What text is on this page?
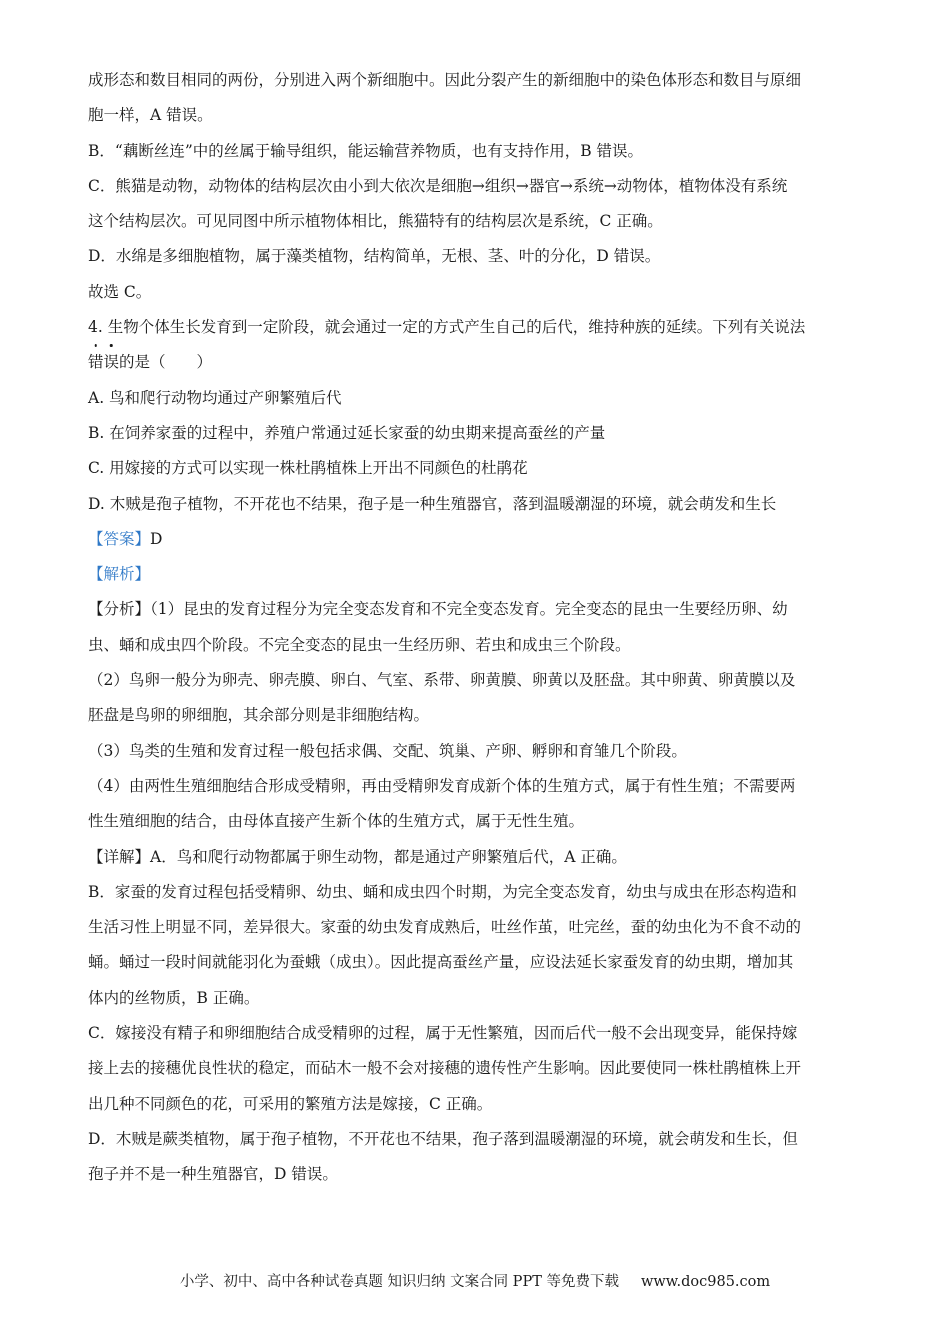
成形态和数目相同的两份，分别进入两个新细胞中。因此分裂产生的新细胞中的染色体形态和数目与原细
胞一样，A 错误。
B．“藕断丝连”中的丝属于输导组织，能运输营养物质，也有支持作用，B 错误。
C．熊猫是动物，动物体的结构层次由小到大依次是细胞→组织→器官→系统→动物体，植物体没有系统
这个结构层次。可见同图中所示植物体相比，熊猫特有的结构层次是系统，C 正确。
D．水绵是多细胞植物，属于藻类植物，结构简单，无根、茎、叶的分化，D 错误。
故选 C。
4. 生物个体生长发育到一定阶段，就会通过一定的方式产生自己的后代，维持种族的延续。下列有关说法
错误的是（　　）
A. 鸟和爬行动物均通过产卵繁殖后代
B. 在饲养家蚕的过程中，养殖户常通过延长家蚕的幼虫期来提高蚕丝的产量
C. 用嫁接的方式可以实现一株杜鹃植株上开出不同颜色的杜鹃花
D. 木贼是孢子植物，不开花也不结果，孢子是一种生殖器官，落到温暖潮湿的环境，就会萌发和生长
【答案】D
【解析】
【分析】（1）昆虫的发育过程分为完全变态发育和不完全变态发育。完全变态的昆虫一生要经历卵、幼
虫、蛹和成虫四个阶段。不完全变态的昆虫一生经历卵、若虫和成虫三个阶段。
（2）鸟卵一般分为卵壳、卵壳膜、卵白、气室、系带、卵黄膜、卵黄以及胚盘。其中卵黄、卵黄膜以及
胚盘是鸟卵的卵细胞，其余部分则是非细胞结构。
（3）鸟类的生殖和发育过程一般包括求偶、交配、筑巢、产卵、孵卵和育雏几个阶段。
（4）由两性生殖细胞结合形成受精卵，再由受精卵发育成新个体的生殖方式，属于有性生殖；不需要两
性生殖细胞的结合，由母体直接产生新个体的生殖方式，属于无性生殖。
【详解】A．鸟和爬行动物都属于卵生动物，都是通过产卵繁殖后代，A 正确。
B．家蚕的发育过程包括受精卵、幼虫、蛹和成虫四个时期，为完全变态发育，幼虫与成虫在形态构造和
生活习性上明显不同，差异很大。家蚕的幼虫发育成熟后，吐丝作茧，吐完丝，蚕的幼虫化为不食不动的
蛹。蛹过一段时间就能羽化为蚕蛾（成虫）。因此提高蚕丝产量，应设法延长家蚕发育的幼虫期，增加其
体内的丝物质，B 正确。
C．嫁接没有精子和卵细胞结合成受精卵的过程，属于无性繁殖，因而后代一般不会出现变异，能保持嫁
接上去的接穗优良性状的稳定，而砧木一般不会对接穗的遗传性产生影响。因此要使同一株杜鹃植株上开
出几种不同颜色的花，可采用的繁殖方法是嫁接，C 正确。
D．木贼是蕨类植物，属于孢子植物，不开花也不结果，孢子落到温暖潮湿的环境，就会萌发和生长，但
孢子并不是一种生殖器官，D 错误。
小学、初中、高中各种试卷真题 知识归纳 文案合同 PPT 等免费下载 www.doc985.com
